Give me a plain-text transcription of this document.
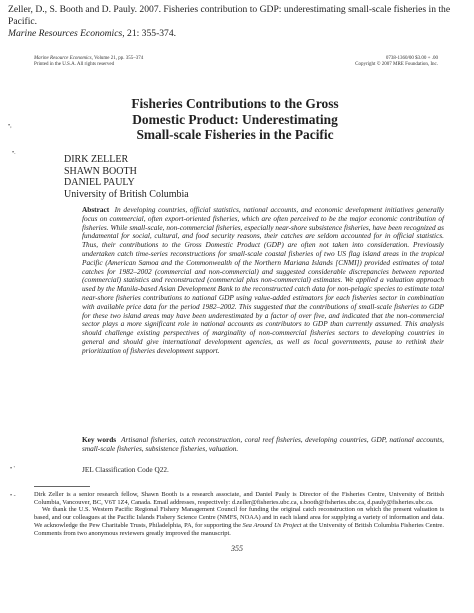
Zeller, D., S. Booth and D. Pauly. 2007. Fisheries contribution to GDP: underestimating small-scale fisheries in the Pacific.
Marine Resources Economics, 21: 355-374.
Marine Resource Economics, Volume 21, pp. 355–374
Printed in the U.S.A. All rights reserved
0738-1360/00 $3.00 + .00
Copyright © 2007 MRE Foundation, Inc.
Fisheries Contributions to the Gross
Domestic Product: Underestimating
Small-scale Fisheries in the Pacific
DIRK ZELLER
SHAWN BOOTH
DANIEL PAULY
University of British Columbia
Abstract In developing countries, official statistics, national accounts, and economic development initiatives generally focus on commercial, often export-oriented fisheries, which are often perceived to be the major economic contribution of fisheries. While small-scale, non-commercial fisheries, especially near-shore subsistence fisheries, have been recognized as fundamental for social, cultural, and food security reasons, their catches are seldom accounted for in official statistics. Thus, their contributions to the Gross Domestic Product (GDP) are often not taken into consideration. Previously undertaken catch time-series reconstructions for small-scale coastal fisheries of two US flag island areas in the tropical Pacific (American Samoa and the Commonwealth of the Northern Mariana Islands [CNMI]) provided estimates of total catches for 1982–2002 (commercial and non-commercial) and suggested considerable discrepancies between reported (commercial) statistics and reconstructed (commercial plus non-commercial) estimates. We applied a valuation approach used by the Manila-based Asian Development Bank to the reconstructed catch data for non-pelagic species to estimate total near-shore fisheries contributions to national GDP using value-added estimators for each fisheries sector in combination with available price data for the period 1982–2002. This suggested that the contributions of small-scale fisheries to GDP for these two island areas may have been underestimated by a factor of over five, and indicated that the non-commercial sector plays a more significant role in national accounts as contributors to GDP than currently assumed. This analysis should challenge existing perspectives of marginality of non-commercial fisheries sectors to developing countries in general and should give international development agencies, as well as local governments, pause to rethink their prioritization of fisheries development support.
Key words Artisanal fisheries, catch reconstruction, coral reef fisheries, developing countries, GDP, national accounts, small-scale fisheries, subsistence fisheries, valuation.
JEL Classification Code Q22.

Dirk Zeller is a senior research fellow, Shawn Booth is a research associate, and Daniel Pauly is Director of the Fisheries Centre, University of British Columbia, Vancouver, BC, V6T 1Z4, Canada. Email addresses, respectively: d.zeller@fisheries.ubc.ca, s.booth@fisheries.ubc.ca, d.pauly@fisheries.ubc.ca.

We thank the U.S. Western Pacific Regional Fishery Management Council for funding the original catch reconstruction on which the present valuation is based, and our colleagues at the Pacific Islands Fishery Science Centre (NMFS, NOAA) and in each island area for supplying a variety of information and data. We acknowledge the Pew Charitable Trusts, Philadelphia, PA, for supporting the Sea Around Us Project at the University of British Columbia Fisheries Centre. Comments from two anonymous reviewers greatly improved the manuscript.

355
•,
•.
• '
• -
